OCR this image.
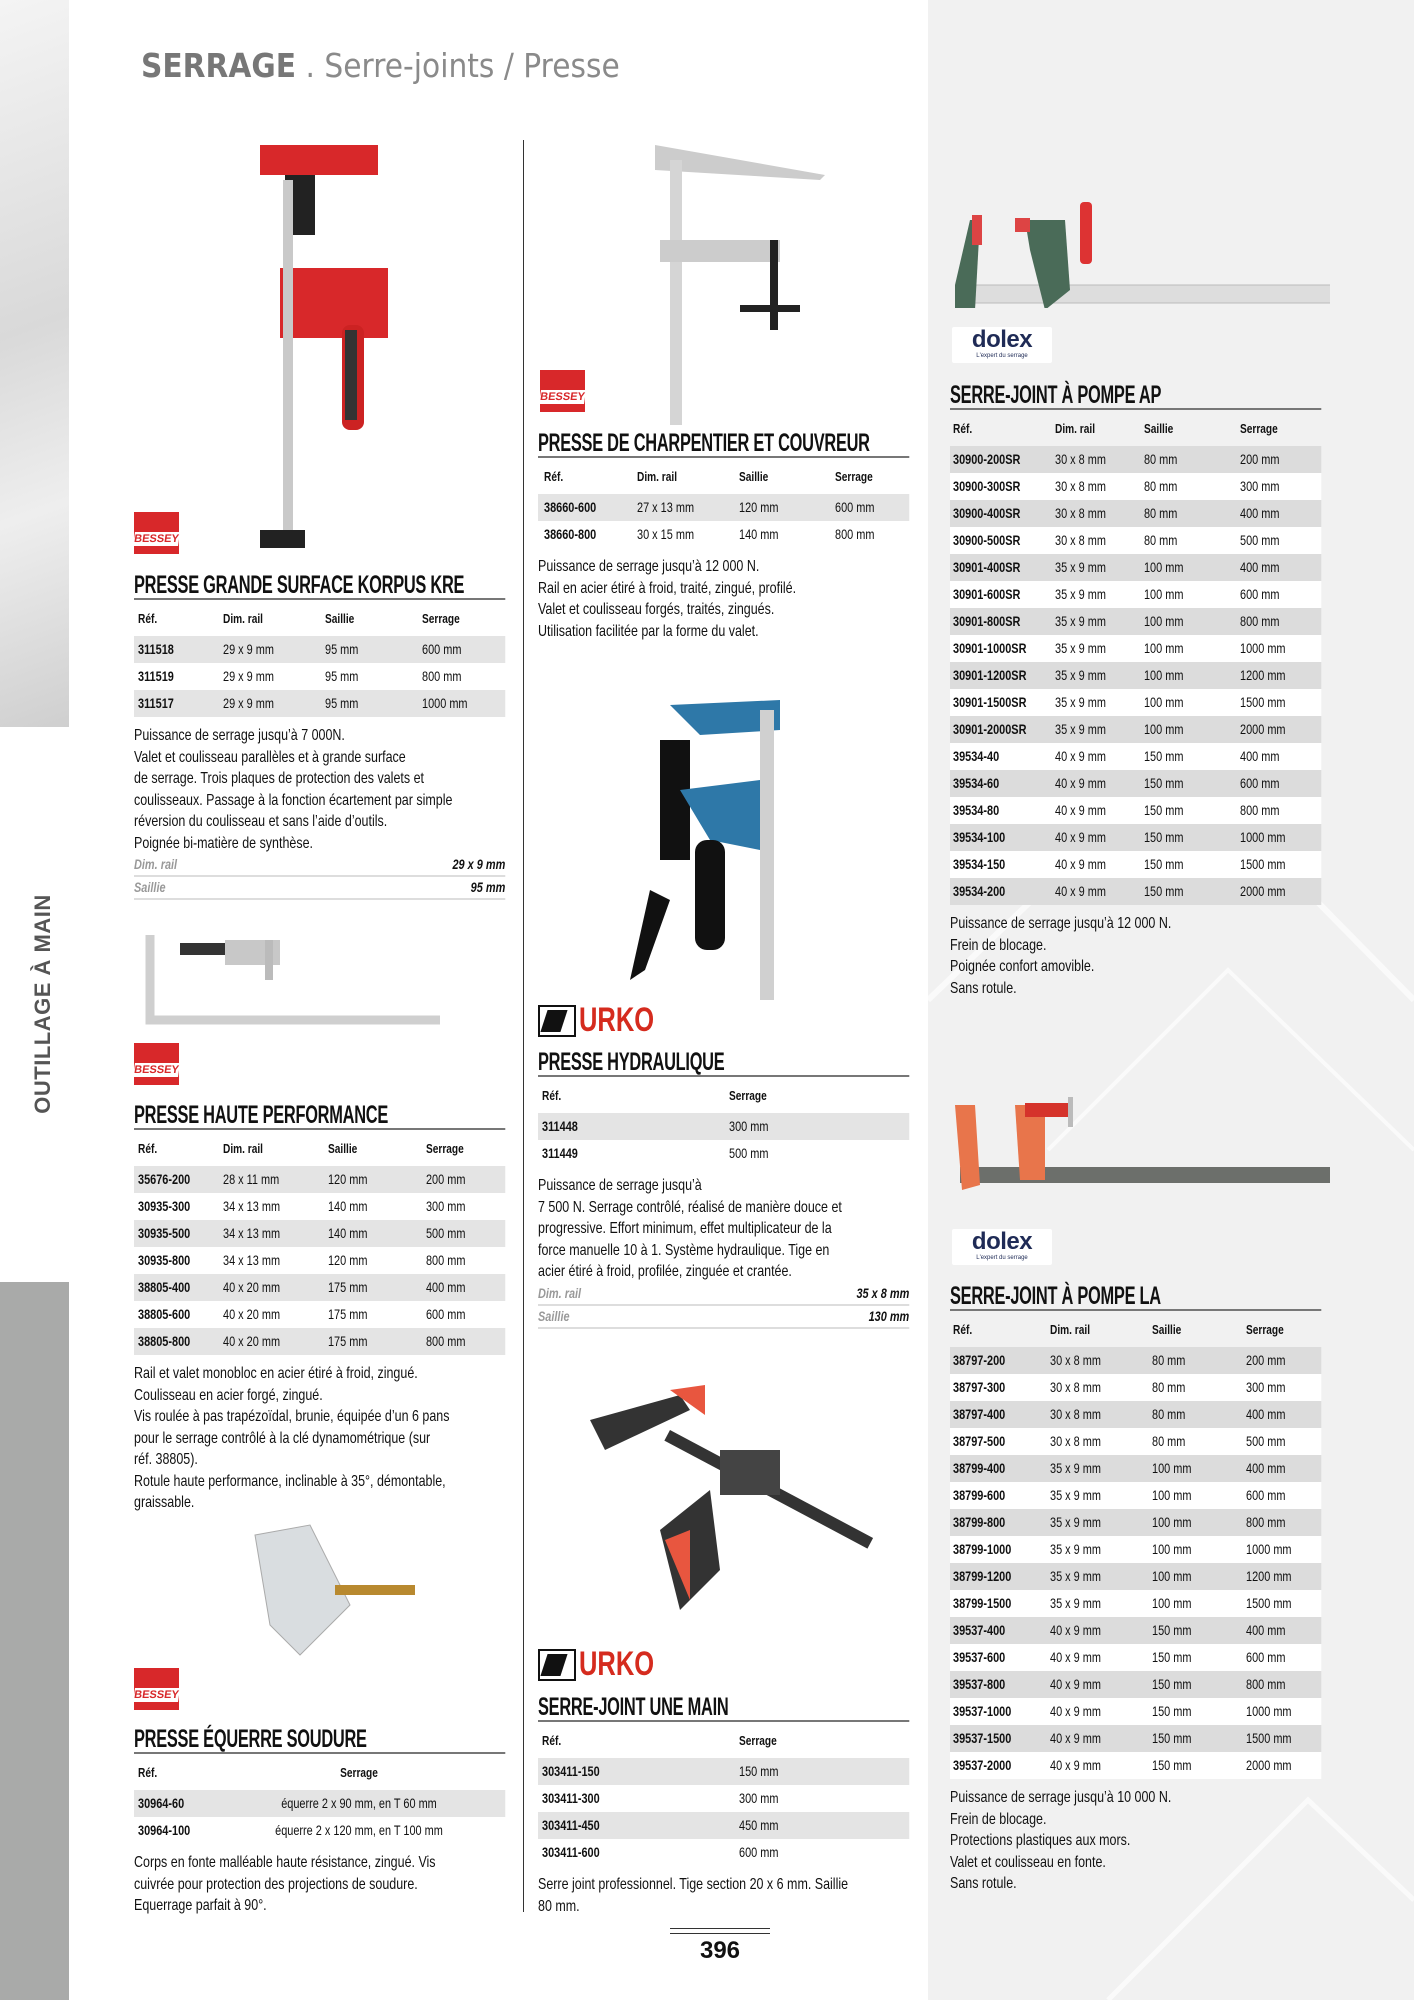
OUTILLAGE À MAIN
SERRAGE . Serre-joints / Presse
BESSEY
BESSEY
BESSEY
BESSEY
URKO
URKO
dolex
L'expert du serrage
dolex
L'expert du serrage
PRESSE GRANDE SURFACE KORPUS KRE
Réf.	Dim. rail	Saillie	Serrage
311518	29 x 9 mm	95 mm	600 mm
311519	29 x 9 mm	95 mm	800 mm
311517	29 x 9 mm	95 mm	1000 mm
Puissance de serrage jusqu’à 7 000N.
Valet et coulisseau parallèles et à grande surface
de serrage. Trois plaques de protection des valets et
coulisseaux. Passage à la fonction écartement par simple
réversion du coulisseau et sans l’aide d’outils.
Poignée bi-matière de synthèse.
Dim. rail	29 x 9 mm
Saillie	95 mm
PRESSE HAUTE PERFORMANCE
Réf.	Dim. rail	Saillie	Serrage
35676-200 28 x 11 mm	120 mm	200 mm
30935-300 34 x 13 mm	140 mm	300 mm
30935-500 34 x 13 mm	140 mm	500 mm
30935-800 34 x 13 mm	120 mm	800 mm
38805-400 40 x 20 mm	175 mm	400 mm
38805-600 40 x 20 mm	175 mm	600 mm
38805-800 40 x 20 mm	175 mm	800 mm
Rail et valet monobloc en acier étiré à froid, zingué.
Coulisseau en acier forgé, zingué.
Vis roulée à pas trapézoïdal, brunie, équipée d’un 6 pans
pour le serrage contrôlé à la clé dynamométrique (sur
réf. 38805).
Rotule haute performance, inclinable à 35°, démontable,
graissable.
PRESSE ÉQUERRE SOUDURE
Réf.	Serrage
30964-60	équerre 2 x 90 mm, en T 60 mm
30964-100	équerre 2 x 120 mm, en T 100 mm
Corps en fonte malléable haute résistance, zingué. Vis
cuivrée pour protection des projections de soudure.
Equerrage parfait à 90°.
PRESSE DE CHARPENTIER ET COUVREUR
Réf.	Dim. rail	Saillie	Serrage
38660-600	27 x 13 mm	120 mm	600 mm
38660-800	30 x 15 mm	140 mm	800 mm
Puissance de serrage jusqu’à 12 000 N.
Rail en acier étiré à froid, traité, zingué, profilé.
Valet et coulisseau forgés, traités, zingués.
Utilisation facilitée par la forme du valet.
PRESSE HYDRAULIQUE
Réf.	Serrage
311448	300 mm
311449	500 mm
Puissance de serrage jusqu’à
7 500 N. Serrage contrôlé, réalisé de manière douce et
progressive. Effort minimum, effet multiplicateur de la
force manuelle 10 à 1. Système hydraulique. Tige en
acier étiré à froid, profilée, zinguée et crantée.
Dim. rail	35 x 8 mm
Saillie	130 mm
SERRE-JOINT UNE MAIN
Réf.	Serrage
303411-150	150 mm
303411-300	300 mm
303411-450	450 mm
303411-600	600 mm
Serre joint professionnel. Tige section 20 x 6 mm. Saillie
80 mm.
SERRE-JOINT À POMPE AP
Réf.	Dim. rail	Saillie	Serrage
30900-200SR 30 x 8 mm	80 mm	200 mm
30900-300SR 30 x 8 mm	80 mm	300 mm
30900-400SR 30 x 8 mm	80 mm	400 mm
30900-500SR 30 x 8 mm	80 mm	500 mm
30901-400SR 35 x 9 mm	100 mm	400 mm
30901-600SR 35 x 9 mm	100 mm	600 mm
30901-800SR 35 x 9 mm	100 mm	800 mm
30901-1000SR 35 x 9 mm	100 mm	1000 mm
30901-1200SR 35 x 9 mm	100 mm	1200 mm
30901-1500SR 35 x 9 mm	100 mm	1500 mm
30901-2000SR 35 x 9 mm	100 mm	2000 mm
39534-40	40 x 9 mm	150 mm	400 mm
39534-60	40 x 9 mm	150 mm	600 mm
39534-80	40 x 9 mm	150 mm	800 mm
39534-100	40 x 9 mm	150 mm	1000 mm
39534-150	40 x 9 mm	150 mm	1500 mm
39534-200	40 x 9 mm	150 mm	2000 mm
Puissance de serrage jusqu’à 12 000 N.
Frein de blocage.
Poignée confort amovible.
Sans rotule.
SERRE-JOINT À POMPE LA
Réf.	Dim. rail	Saillie	Serrage
38797-200	30 x 8 mm	80 mm	200 mm
38797-300	30 x 8 mm	80 mm	300 mm
38797-400	30 x 8 mm	80 mm	400 mm
38797-500	30 x 8 mm	80 mm	500 mm
38799-400	35 x 9 mm	100 mm	400 mm
38799-600	35 x 9 mm	100 mm	600 mm
38799-800	35 x 9 mm	100 mm	800 mm
38799-1000	35 x 9 mm	100 mm	1000 mm
38799-1200	35 x 9 mm	100 mm	1200 mm
38799-1500	35 x 9 mm	100 mm	1500 mm
39537-400	40 x 9 mm	150 mm	400 mm
39537-600	40 x 9 mm	150 mm	600 mm
39537-800	40 x 9 mm	150 mm	800 mm
39537-1000	40 x 9 mm	150 mm	1000 mm
39537-1500	40 x 9 mm	150 mm	1500 mm
39537-2000	40 x 9 mm	150 mm	2000 mm
Puissance de serrage jusqu’à 10 000 N.
Frein de blocage.
Protections plastiques aux mors.
Valet et coulisseau en fonte.
Sans rotule.
396
